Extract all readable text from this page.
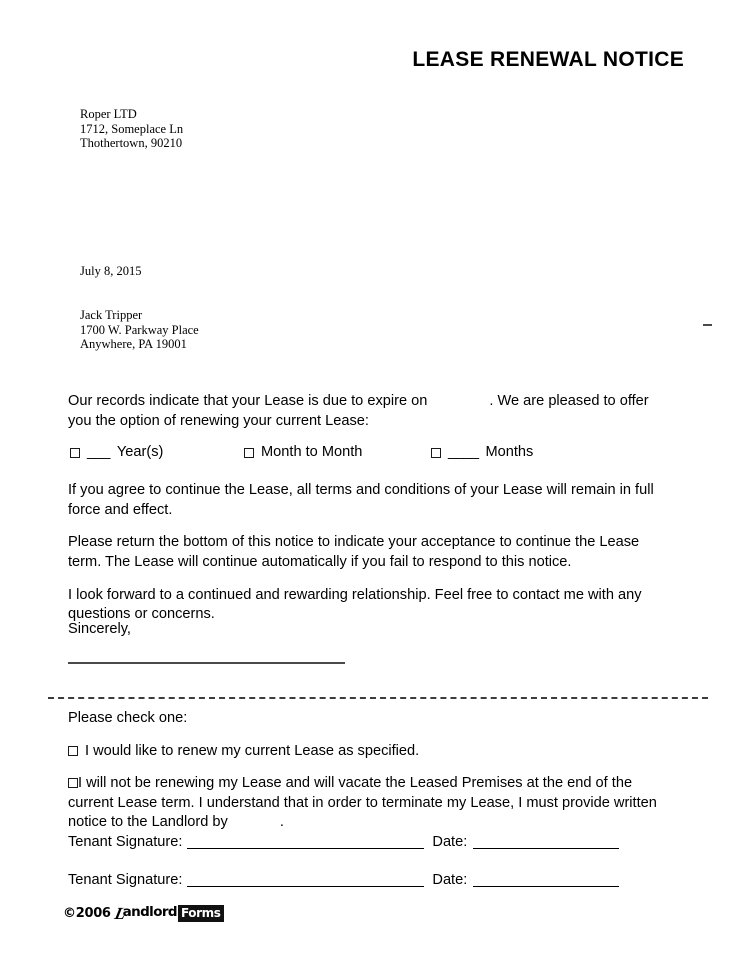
LEASE RENEWAL NOTICE
Roper LTD
1712, Someplace Ln
Thothertown, 90210
July 8, 2015
Jack Tripper
1700 W. Parkway Place
Anywhere, PA 19001

Our records indicate that your Lease is due to expire on	. We are pleased to offer you the option of renewing your current Lease:

___ Year(s)	Month to Month	____ Months

If you agree to continue the Lease, all terms and conditions of your Lease will remain in full force and effect.

Please return the bottom of this notice to indicate your acceptance to continue the Lease term. The Lease will continue automatically if you fail to respond to this notice.

I look forward to a continued and rewarding relationship. Feel free to contact me with any questions or concerns.

Sincerely,
Please check one:
I would like to renew my current Lease as specified.

I will not be renewing my Lease and will vacate the Leased Premises at the end of the current Lease term. I understand that in order to terminate my Lease, I must provide written notice to the Landlord by	.

Tenant Signature:	Date:
Tenant Signature:	Date:
©2006 L
andlord Forms
